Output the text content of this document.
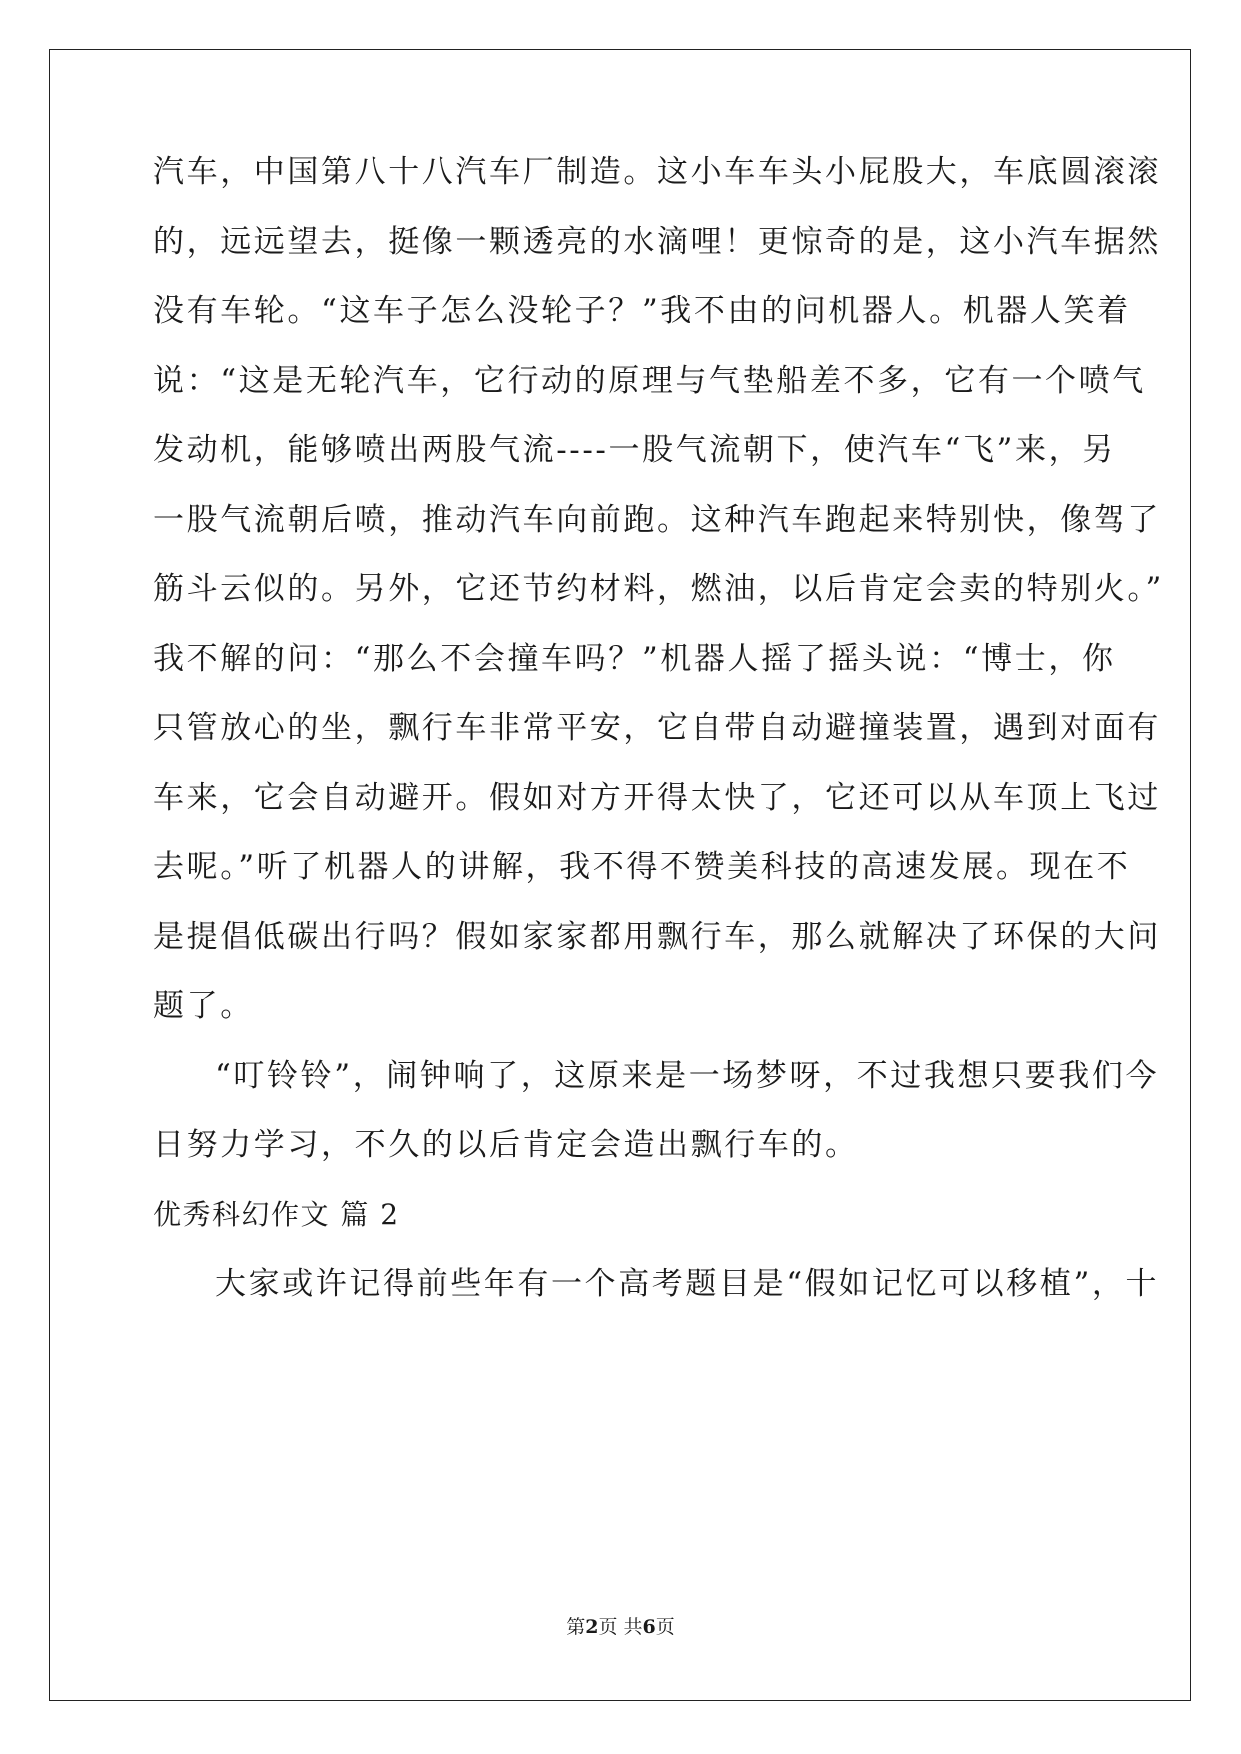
汽车，中国第八十八汽车厂制造。这小车车头小屁股大，车底圆滚滚
的，远远望去，挺像一颗透亮的水滴哩！更惊奇的是，这小汽车据然
没有车轮。“这车子怎么没轮子？”我不由的问机器人。机器人笑着
说：“这是无轮汽车，它行动的原理与气垫船差不多，它有一个喷气
发动机，能够喷出两股气流----一股气流朝下，使汽车“飞”来，另
一股气流朝后喷，推动汽车向前跑。这种汽车跑起来特别快，像驾了
筋斗云似的。另外，它还节约材料，燃油，以后肯定会卖的特别火。”
我不解的问：“那么不会撞车吗？”机器人摇了摇头说：“博士，你
只管放心的坐，飘行车非常平安，它自带自动避撞装置，遇到对面有
车来，它会自动避开。假如对方开得太快了，它还可以从车顶上飞过
去呢。”听了机器人的讲解，我不得不赞美科技的高速发展。现在不
是提倡低碳出行吗？假如家家都用飘行车，那么就解决了环保的大问
题了。
“叮铃铃”，闹钟响了，这原来是一场梦呀，不过我想只要我们今
日努力学习，不久的以后肯定会造出飘行车的。
优秀科幻作文 篇 2
大家或许记得前些年有一个高考题目是“假如记忆可以移植”，十
第2页 共6页
